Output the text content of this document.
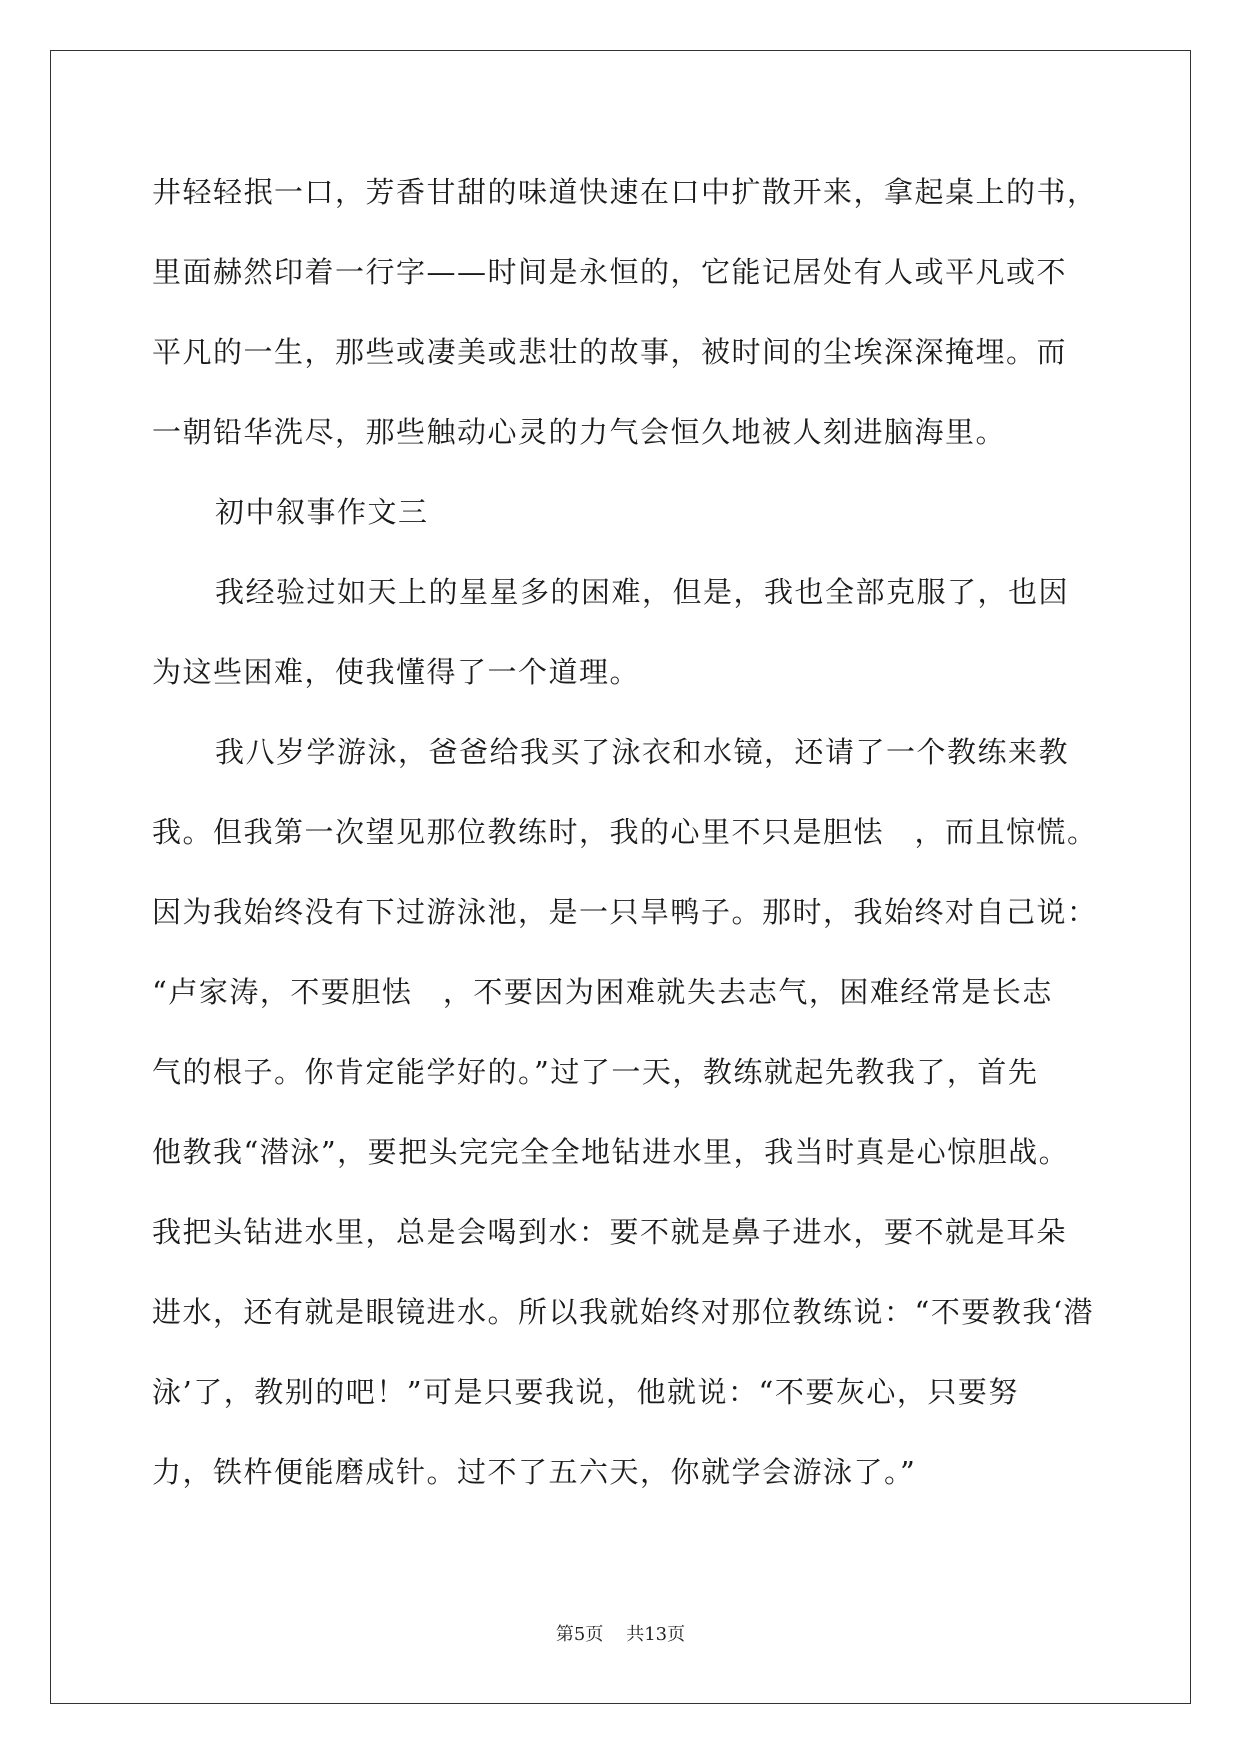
井轻轻抿一口，芳香甘甜的味道快速在口中扩散开来，拿起桌上的书，
里面赫然印着一行字——时间是永恒的，它能记居处有人或平凡或不
平凡的一生，那些或凄美或悲壮的故事，被时间的尘埃深深掩埋。而
一朝铅华洗尽，那些触动心灵的力气会恒久地被人刻进脑海里。
初中叙事作文三
我经验过如天上的星星多的困难，但是，我也全部克服了，也因
为这些困难，使我懂得了一个道理。
我八岁学游泳，爸爸给我买了泳衣和水镜，还请了一个教练来教
我。但我第一次望见那位教练时，我的心里不只是胆怯　，而且惊慌。
因为我始终没有下过游泳池，是一只旱鸭子。那时，我始终对自己说：
“卢家涛，不要胆怯　，不要因为困难就失去志气，困难经常是长志
气的根子。你肯定能学好的。”过了一天，教练就起先教我了，首先
他教我“潜泳”，要把头完完全全地钻进水里，我当时真是心惊胆战。
我把头钻进水里，总是会喝到水：要不就是鼻子进水，要不就是耳朵
进水，还有就是眼镜进水。所以我就始终对那位教练说：“不要教我‘潜
泳’了，教别的吧！”可是只要我说，他就说：“不要灰心，只要努
力，铁杵便能磨成针。过不了五六天，你就学会游泳了。”
第5页 共13页
